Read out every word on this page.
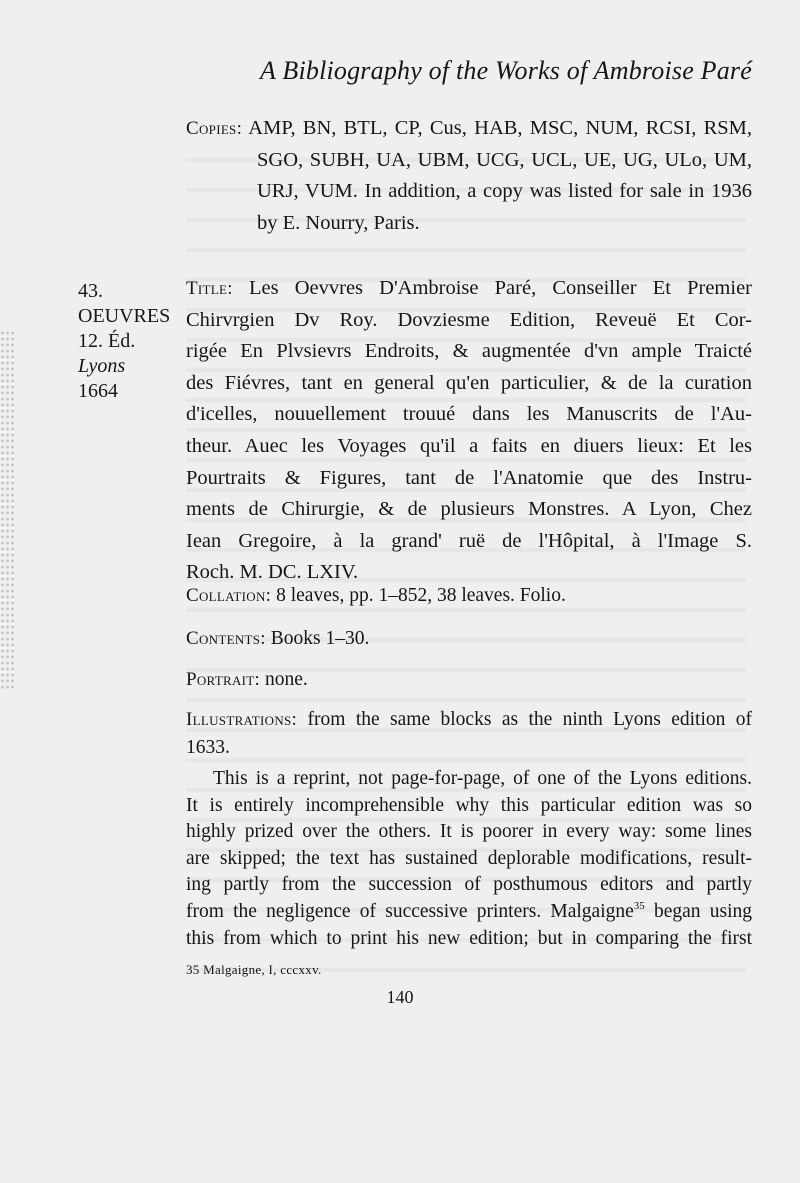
A Bibliography of the Works of Ambroise Paré
Copies: AMP, BN, BTL, CP, Cus, HAB, MSC, NUM, RCSI, RSM,
SGO, SUBH, UA, UBM, UCG, UCL, UE, UG, ULo, UM,
URJ, VUM. In addition, a copy was listed for sale in 1936
by E. Nourry, Paris.
43.
OEUVRES
12. Éd.
Lyons
1664
Title: Les Oevvres D'Ambroise Paré, Conseiller Et Premier
Chirvrgien Dv Roy. Dovziesme Edition, Reveuë Et Cor-
rigée En Plvsievrs Endroits, & augmentée d'vn ample Traicté
des Fiévres, tant en general qu'en particulier, & de la curation
d'icelles, nouuellement trouué dans les Manuscrits de l'Au-
theur. Auec les Voyages qu'il a faits en diuers lieux: Et les
Pourtraits & Figures, tant de l'Anatomie que des Instru-
ments de Chirurgie, & de plusieurs Monstres. A Lyon, Chez
Iean Gregoire, à la grand' ruë de l'Hôpital, à l'Image S.
Roch. M. DC. LXIV.
Collation: 8 leaves, pp. 1–852, 38 leaves. Folio.
Contents: Books 1–30.
Portrait: none.
Illustrations: from the same blocks as the ninth Lyons edition of
1633.
This is a reprint, not page-for-page, of one of the Lyons editions.
It is entirely incomprehensible why this particular edition was so
highly prized over the others. It is poorer in every way: some lines
are skipped; the text has sustained deplorable modifications, result-
ing partly from the succession of posthumous editors and partly
from the negligence of successive printers. Malgaigne$^{35}$ began using
this from which to print his new edition; but in comparing the first
35 Malgaigne, I, cccxxv.
140
